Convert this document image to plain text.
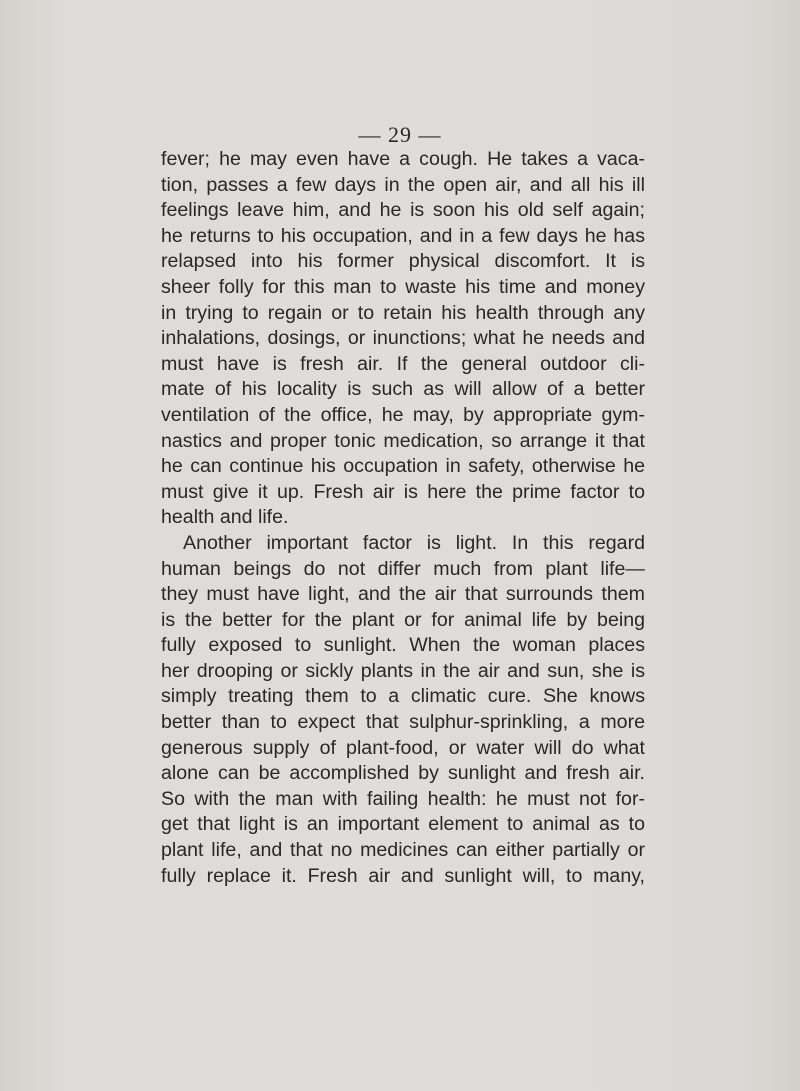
— 29 —
fever; he may even have a cough. He takes a vaca-
tion, passes a few days in the open air, and all his ill
feelings leave him, and he is soon his old self again;
he returns to his occupation, and in a few days he has
relapsed into his former physical discomfort. It is
sheer folly for this man to waste his time and money
in trying to regain or to retain his health through any
inhalations, dosings, or inunctions; what he needs and
must have is fresh air. If the general outdoor cli-
mate of his locality is such as will allow of a better
ventilation of the office, he may, by appropriate gym-
nastics and proper tonic medication, so arrange it that
he can continue his occupation in safety, otherwise he
must give it up. Fresh air is here the prime factor to
health and life.
Another important factor is light. In this regard
human beings do not differ much from plant life—
they must have light, and the air that surrounds them
is the better for the plant or for animal life by being
fully exposed to sunlight. When the woman places
her drooping or sickly plants in the air and sun, she is
simply treating them to a climatic cure. She knows
better than to expect that sulphur-sprinkling, a more
generous supply of plant-food, or water will do what
alone can be accomplished by sunlight and fresh air.
So with the man with failing health: he must not for-
get that light is an important element to animal as to
plant life, and that no medicines can either partially or
fully replace it. Fresh air and sunlight will, to many,
